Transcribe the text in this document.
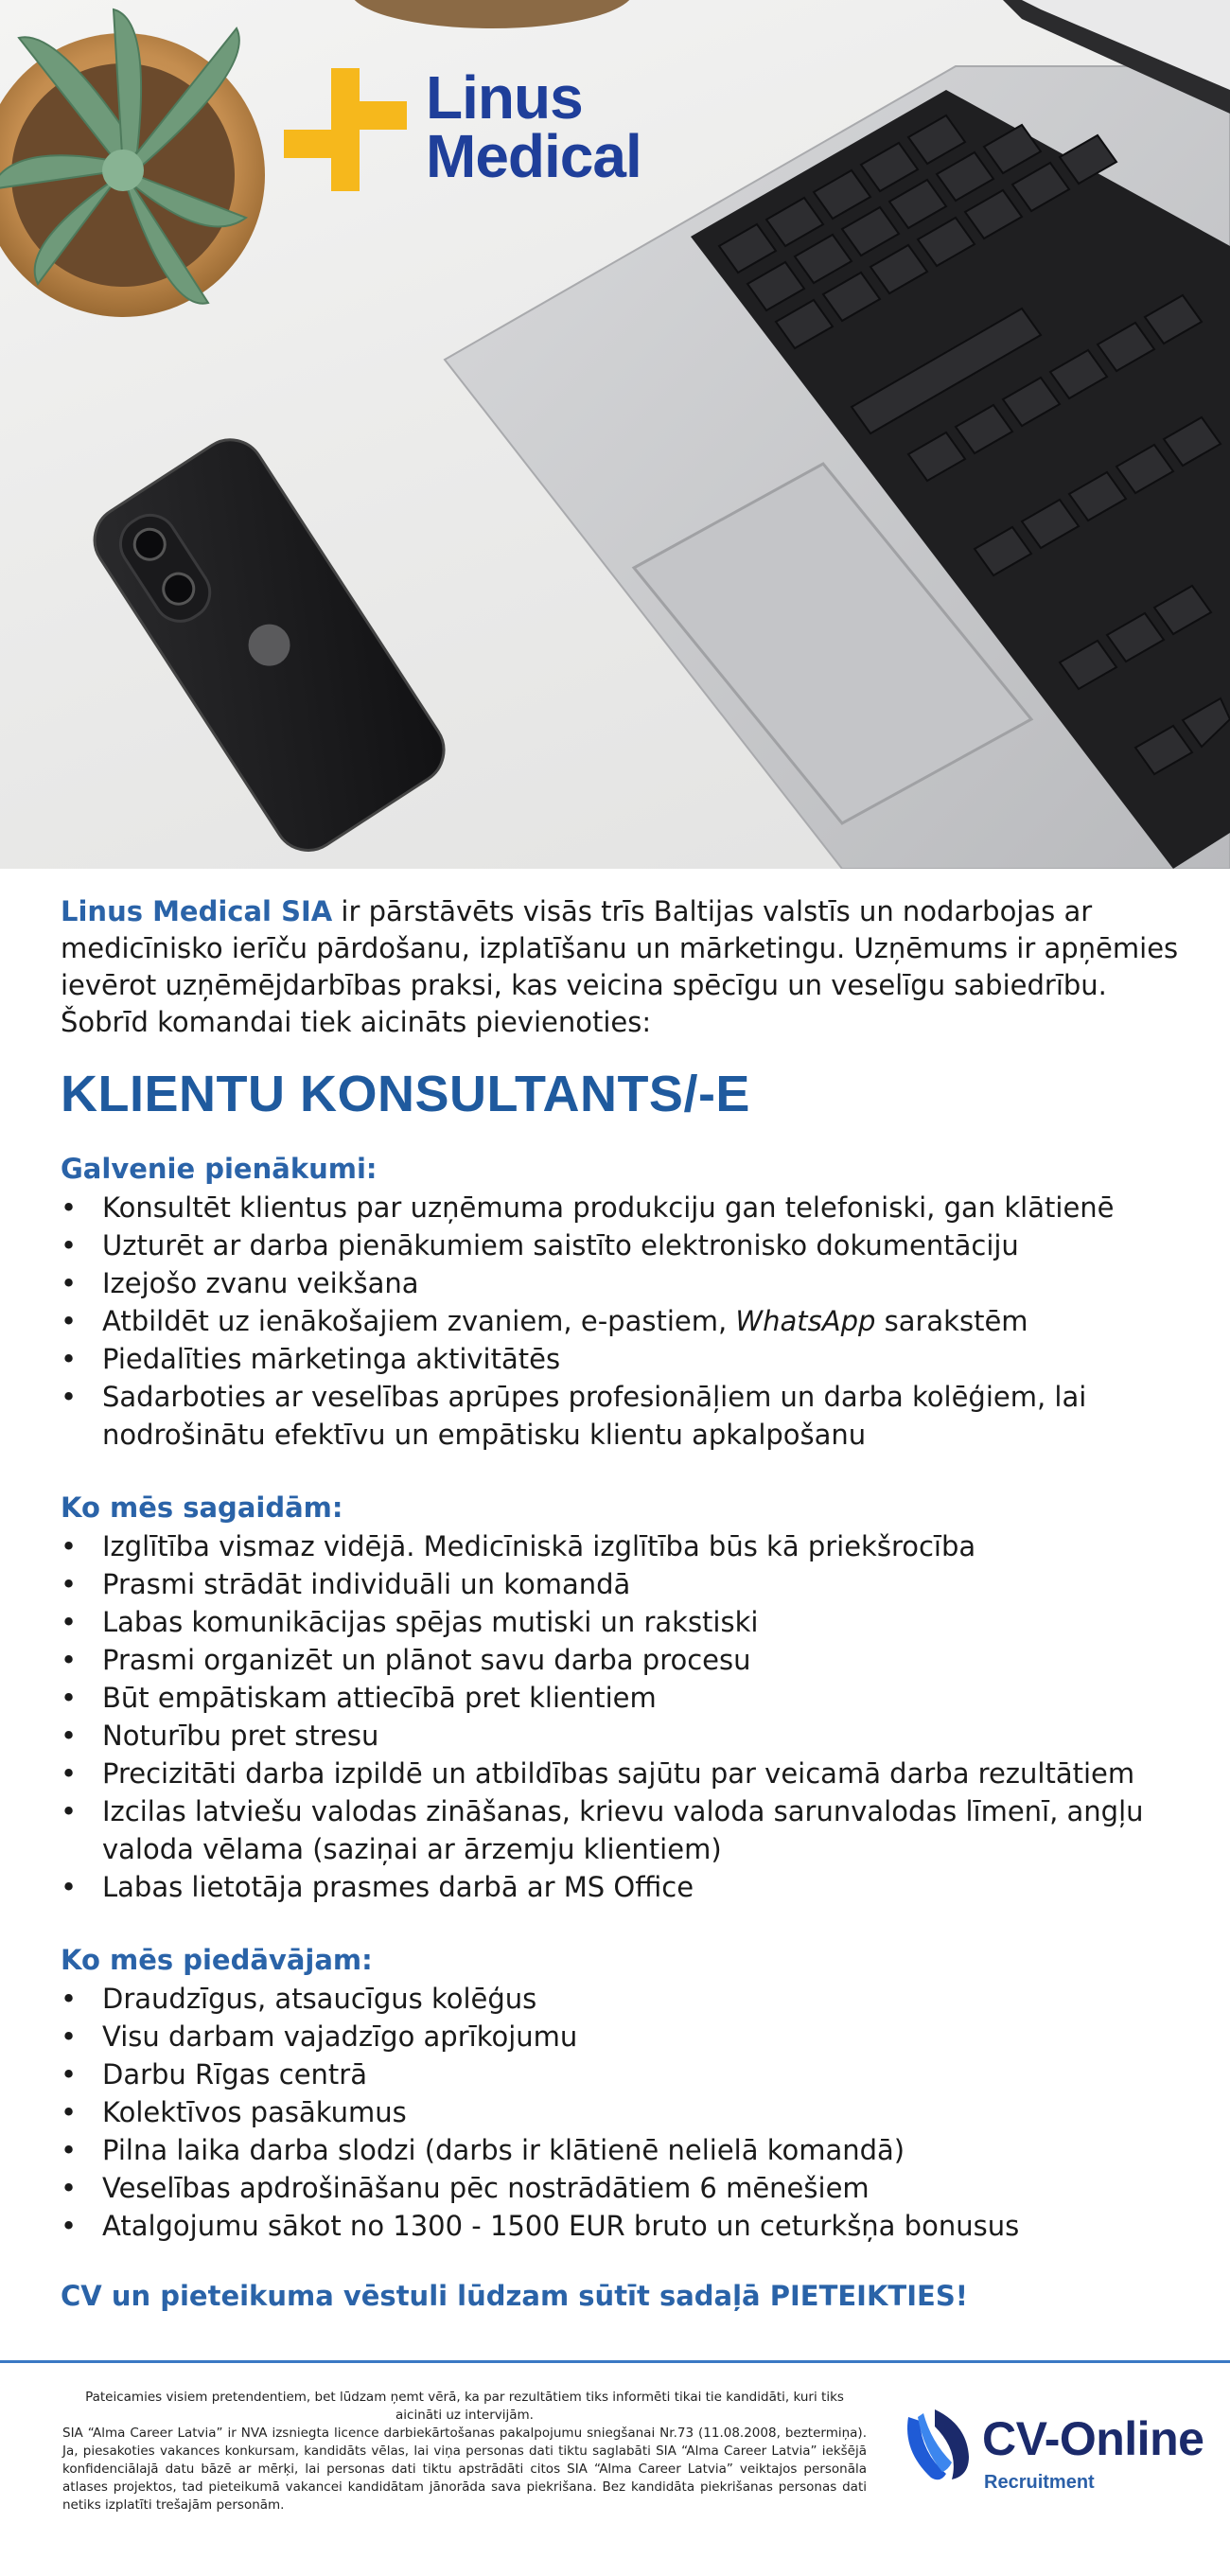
Linus
Medical

Linus Medical SIA ir pārstāvēts visās trīs Baltijas valstīs un nodarbojas ar medicīnisko ierīču pārdošanu, izplatīšanu un mārketingu. Uzņēmums ir apņēmies ievērot uzņēmējdarbības praksi, kas veicina spēcīgu un veselīgu sabiedrību. Šobrīd komandai tiek aicināts pievienoties:

KLIENTU KONSULTANTS/-E
Galvenie pienākumi:
• Konsultēt klientus par uzņēmuma produkciju gan telefoniski, gan klātienē
• Uzturēt ar darba pienākumiem saistīto elektronisko dokumentāciju
• Izejošo zvanu veikšana
• Atbildēt uz ienākošajiem zvaniem, e-pastiem, WhatsApp sarakstēm
• Piedalīties mārketinga aktivitātēs
• Sadarboties ar veselības aprūpes profesionāļiem un darba kolēģiem, lai nodrošinātu efektīvu un empātisku klientu apkalpošanu
Ko mēs sagaidām:
• Izglītība vismaz vidējā. Medicīniskā izglītība būs kā priekšrocība
• Prasmi strādāt individuāli un komandā
• Labas komunikācijas spējas mutiski un rakstiski
• Prasmi organizēt un plānot savu darba procesu
• Būt empātiskam attiecībā pret klientiem
• Noturību pret stresu
• Precizitāti darba izpildē un atbildības sajūtu par veicamā darba rezultātiem
• Izcilas latviešu valodas zināšanas, krievu valoda sarunvalodas līmenī, angļu valoda vēlama (saziņai ar ārzemju klientiem)
• Labas lietotāja prasmes darbā ar MS Office
Ko mēs piedāvājam:
• Draudzīgus, atsaucīgus kolēģus
• Visu darbam vajadzīgo aprīkojumu
• Darbu Rīgas centrā
• Kolektīvos pasākumus
• Pilna laika darba slodzi (darbs ir klātienē nelielā komandā)
• Veselības apdrošināšanu pēc nostrādātiem 6 mēnešiem
• Atalgojumu sākot no 1300 - 1500 EUR bruto un ceturkšņa bonusus
CV un pieteikuma vēstuli lūdzam sūtīt sadaļā PIETEIKTIES!
Pateicamies visiem pretendentiem, bet lūdzam ņemt vērā, ka par rezultātiem tiks informēti tikai tie kandidāti, kuri tiks aicināti uz intervijām.
SIA “Alma Career Latvia” ir NVA izsniegta licence darbiekārtošanas pakalpojumu sniegšanai Nr.73 (11.08.2008, beztermiņa). Ja, piesakoties vakances konkursam, kandidāts vēlas, lai viņa personas dati tiktu saglabāti SIA “Alma Career Latvia” iekšējā konfidenciālajā datu bāzē ar mērķi, lai personas dati tiktu apstrādāti citos SIA “Alma Career Latvia” veiktajos personāla atlases projektos, tad pieteikumā vakancei kandidātam jānorāda sava piekrišana. Bez kandidāta piekrišanas personas dati netiks izplatīti trešajām personām.
CV-Online
Recruitment
